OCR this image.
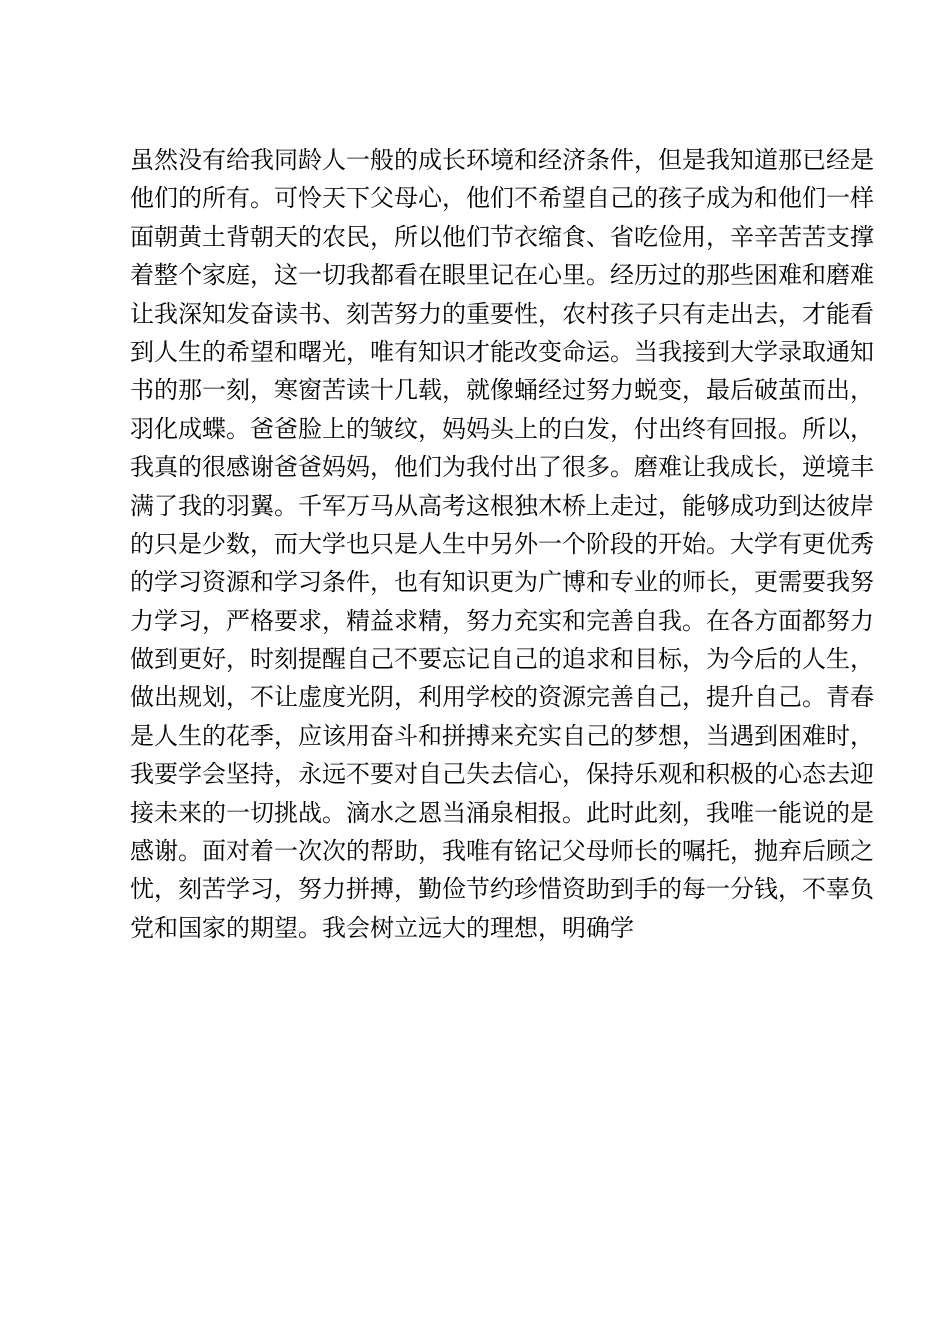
虽然没有给我同龄人一般的成长环境和经济条件，但是我知道那已经是
他们的所有。可怜天下父母心，他们不希望自己的孩子成为和他们一样
面朝黄土背朝天的农民，所以他们节衣缩食、省吃俭用，辛辛苦苦支撑
着整个家庭，这一切我都看在眼里记在心里。经历过的那些困难和磨难
让我深知发奋读书、刻苦努力的重要性，农村孩子只有走出去，才能看
到人生的希望和曙光，唯有知识才能改变命运。当我接到大学录取通知
书的那一刻，寒窗苦读十几载，就像蛹经过努力蜕变，最后破茧而出，
羽化成蝶。爸爸脸上的皱纹，妈妈头上的白发，付出终有回报。所以，
我真的很感谢爸爸妈妈，他们为我付出了很多。磨难让我成长，逆境丰
满了我的羽翼。千军万马从高考这根独木桥上走过，能够成功到达彼岸
的只是少数，而大学也只是人生中另外一个阶段的开始。大学有更优秀
的学习资源和学习条件，也有知识更为广博和专业的师长，更需要我努
力学习，严格要求，精益求精，努力充实和完善自我。在各方面都努力
做到更好，时刻提醒自己不要忘记自己的追求和目标，为今后的人生，
做出规划，不让虚度光阴，利用学校的资源完善自己，提升自己。青春
是人生的花季，应该用奋斗和拼搏来充实自己的梦想，当遇到困难时，
我要学会坚持，永远不要对自己失去信心，保持乐观和积极的心态去迎
接未来的一切挑战。滴水之恩当涌泉相报。此时此刻，我唯一能说的是
感谢。面对着一次次的帮助，我唯有铭记父母师长的嘱托，抛弃后顾之
忧，刻苦学习，努力拼搏，勤俭节约珍惜资助到手的每一分钱，不辜负
党和国家的期望。我会树立远大的理想，明确学
